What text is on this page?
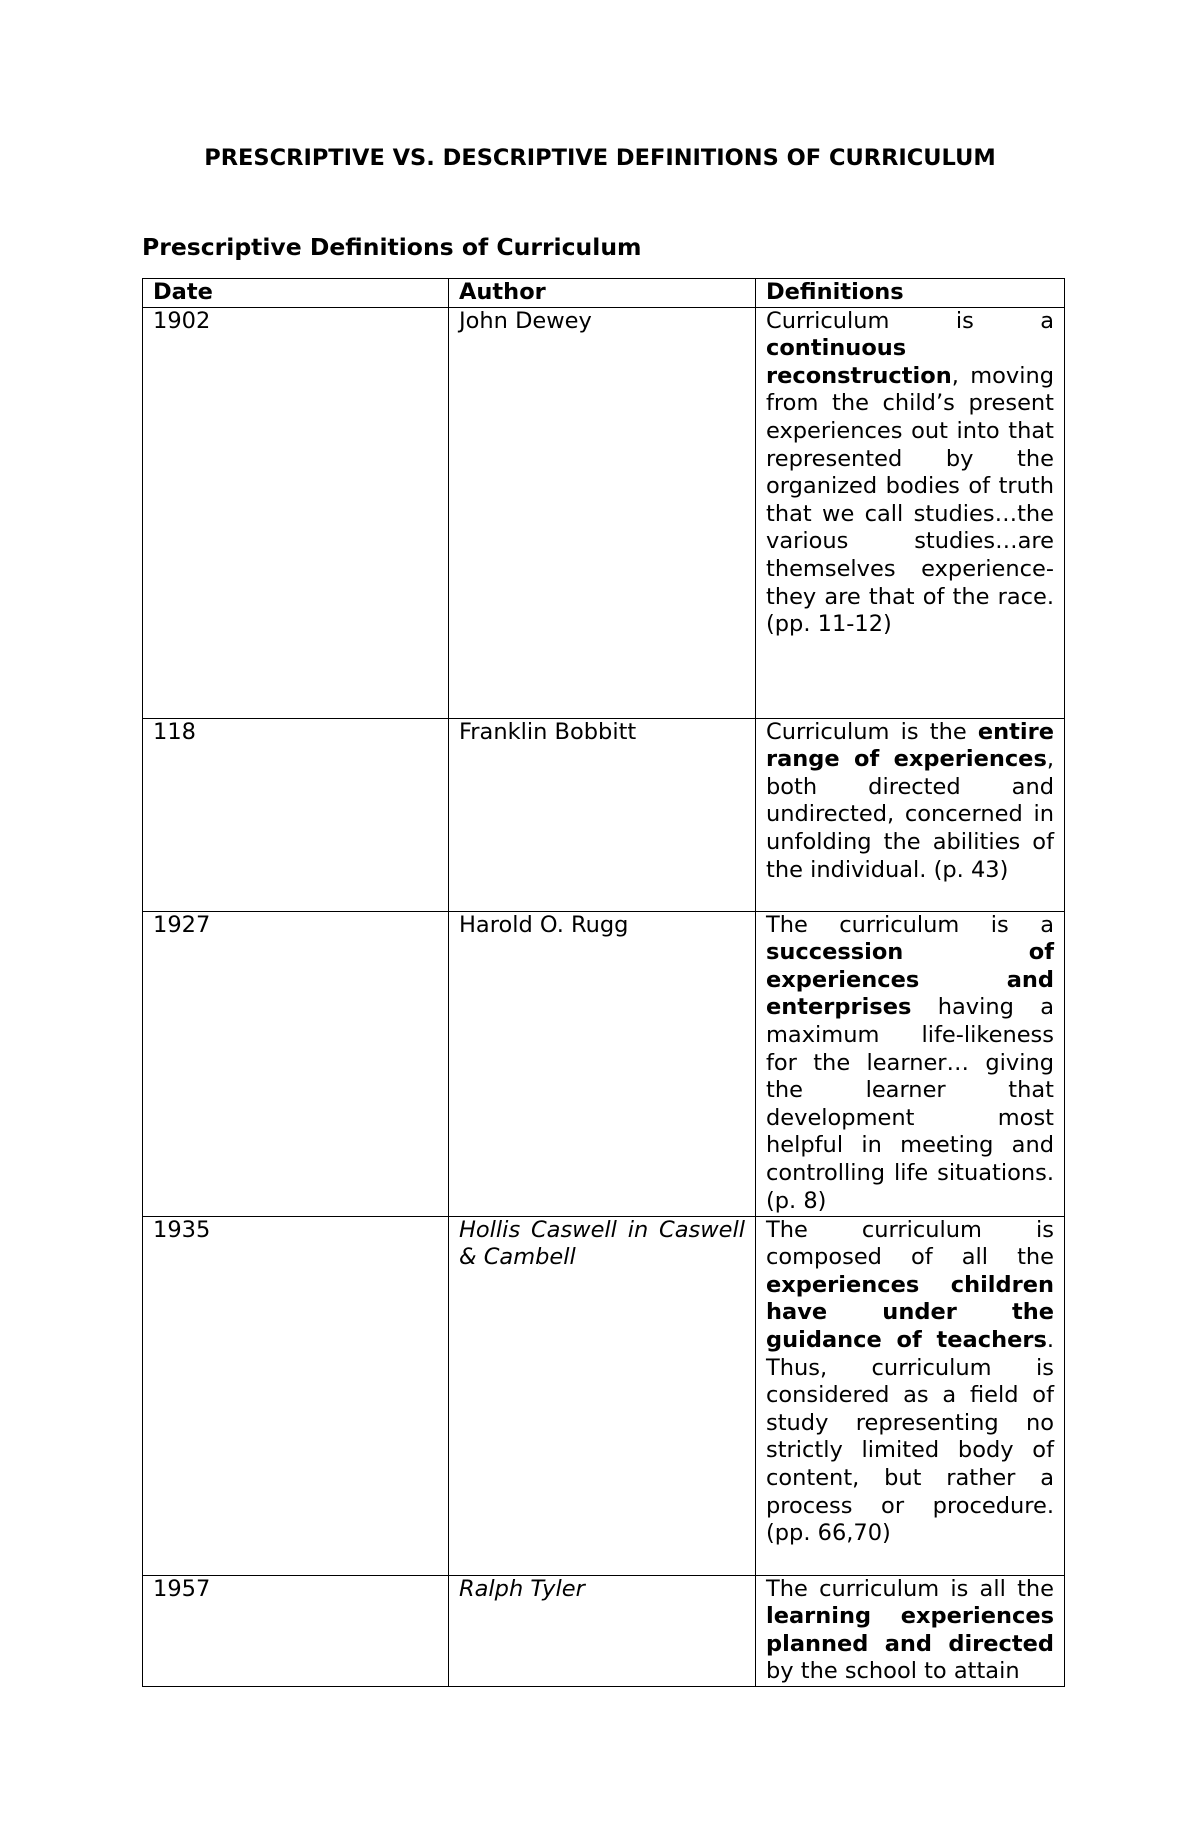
PRESCRIPTIVE VS. DESCRIPTIVE DEFINITIONS OF CURRICULUM
Prescriptive Definitions of Curriculum
Date	Author	Definitions
1902	John Dewey	Curriculum is a continuous reconstruction, moving from the child’s present experiences out into that represented by the organized bodies of truth that we call studies…the various studies…are themselves experience- they are that of the race. (pp. 11-12)
118	Franklin Bobbitt	Curriculum is the entire range of experiences, both directed and undirected, concerned in unfolding the abilities of the individual. (p. 43)
1927	Harold O. Rugg	The curriculum is a succession of experiences and enterprises having a maximum life-likeness for the learner… giving the learner that development most helpful in meeting and controlling life situations. (p. 8)
1935	Hollis Caswell in Caswell & Cambell	The curriculum is composed of all the experiences children have under the guidance of teachers. Thus, curriculum is considered as a field of study representing no strictly limited body of content, but rather a process or procedure. (pp. 66,70)
1957	Ralph Tyler	The curriculum is all the learning experiences planned and directed by the school to attain
